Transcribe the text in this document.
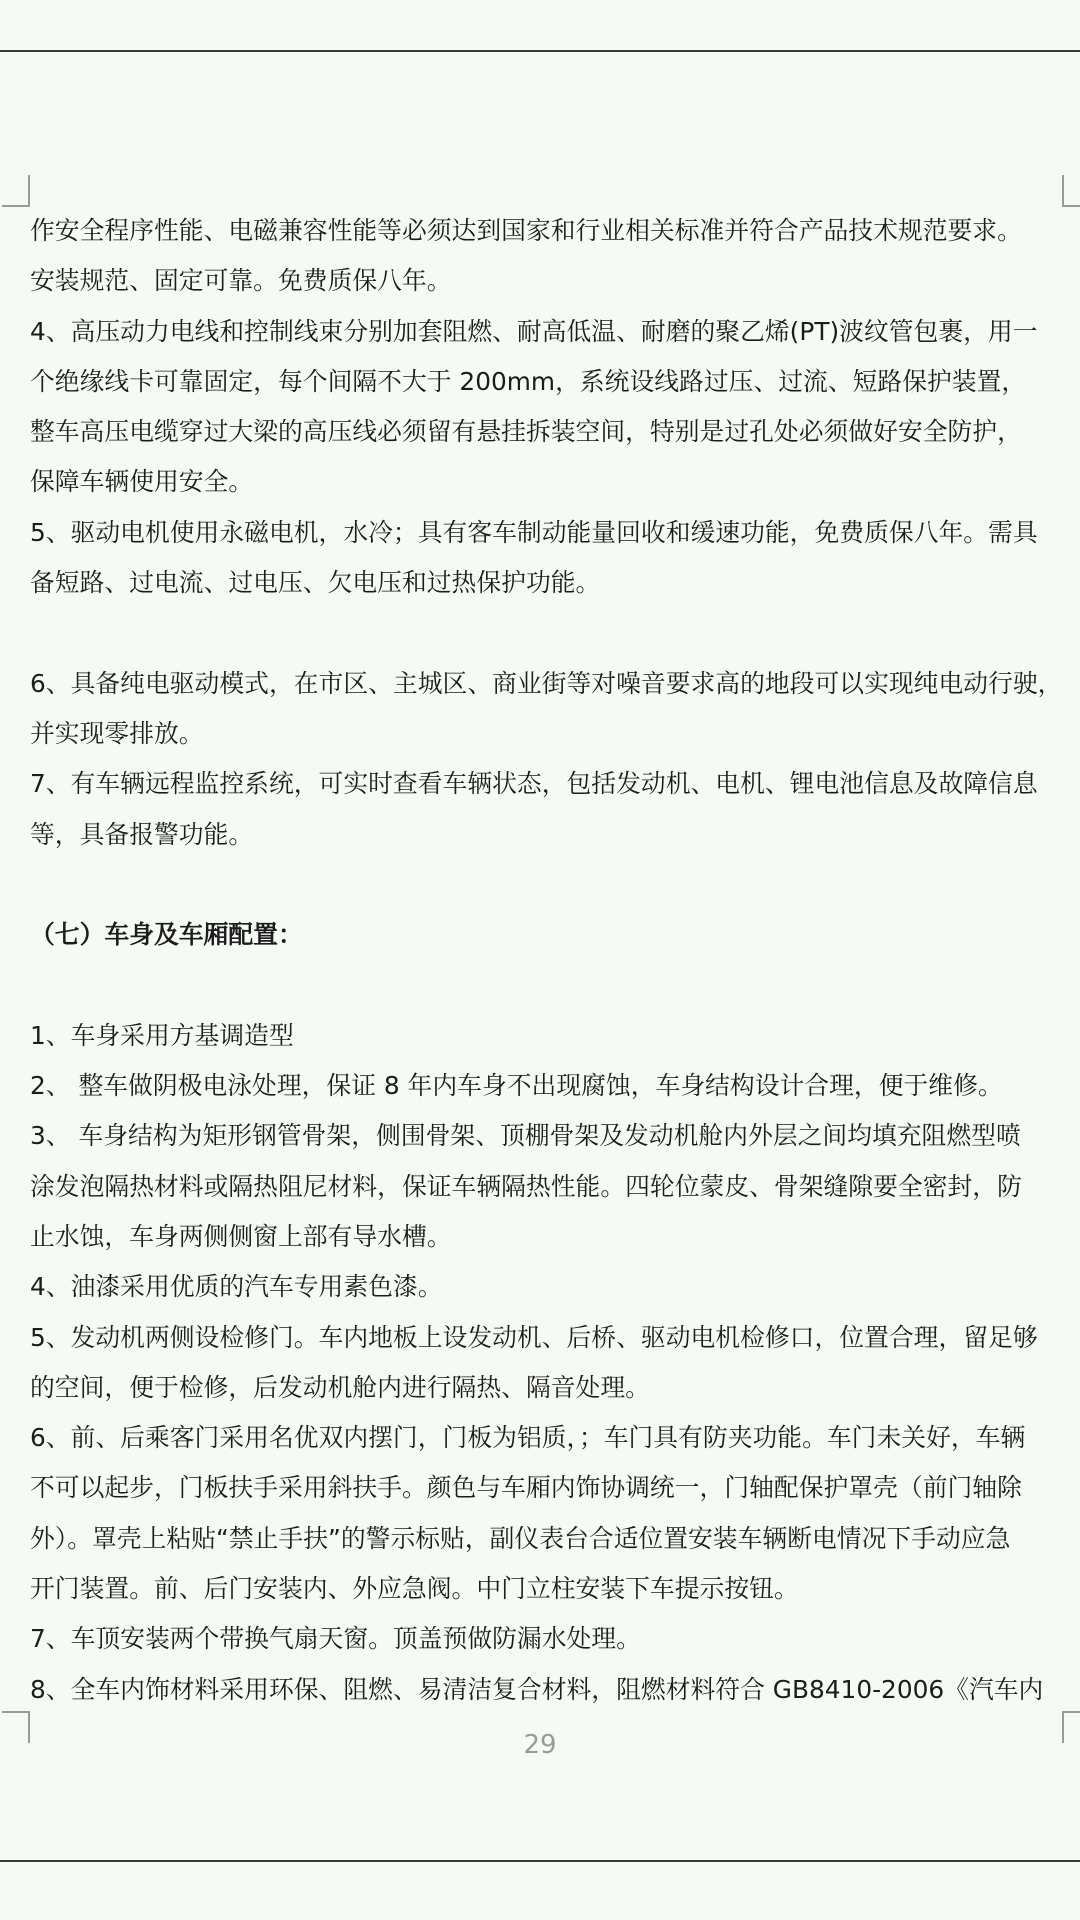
作安全程序性能、电磁兼容性能等必须达到国家和行业相关标准并符合产品技术规范要求。
安装规范、固定可靠。免费质保八年。
4、高压动力电线和控制线束分别加套阻燃、耐高低温、耐磨的聚乙烯(PT)波纹管包裹，用一
个绝缘线卡可靠固定，每个间隔不大于 200mm，系统设线路过压、过流、短路保护装置，
整车高压电缆穿过大梁的高压线必须留有悬挂拆装空间，特别是过孔处必须做好安全防护，
保障车辆使用安全。
5、驱动电机使用永磁电机，水冷；具有客车制动能量回收和缓速功能，免费质保八年。需具
备短路、过电流、过电压、欠电压和过热保护功能。
6、具备纯电驱动模式，在市区、主城区、商业街等对噪音要求高的地段可以实现纯电动行驶，
并实现零排放。
7、有车辆远程监控系统，可实时查看车辆状态，包括发动机、电机、锂电池信息及故障信息
等，具备报警功能。
（七）车身及车厢配置：
1、车身采用方基调造型
2、 整车做阴极电泳处理，保证 8 年内车身不出现腐蚀，车身结构设计合理，便于维修。
3、 车身结构为矩形钢管骨架，侧围骨架、顶棚骨架及发动机舱内外层之间均填充阻燃型喷
涂发泡隔热材料或隔热阻尼材料，保证车辆隔热性能。四轮位蒙皮、骨架缝隙要全密封，防
止水蚀，车身两侧侧窗上部有导水槽。
4、油漆采用优质的汽车专用素色漆。
5、发动机两侧设检修门。车内地板上设发动机、后桥、驱动电机检修口，位置合理，留足够
的空间，便于检修，后发动机舱内进行隔热、隔音处理。
6、前、后乘客门采用名优双内摆门，门板为铝质，；车门具有防夹功能。车门未关好，车辆
不可以起步，门板扶手采用斜扶手。颜色与车厢内饰协调统一，门轴配保护罩壳（前门轴除
外）。罩壳上粘贴“禁止手扶”的警示标贴，副仪表台合适位置安装车辆断电情况下手动应急
开门装置。前、后门安装内、外应急阀。中门立柱安装下车提示按钮。
7、车顶安装两个带换气扇天窗。顶盖预做防漏水处理。
8、全车内饰材料采用环保、阻燃、易清洁复合材料，阻燃材料符合 GB8410-2006《汽车内
29
